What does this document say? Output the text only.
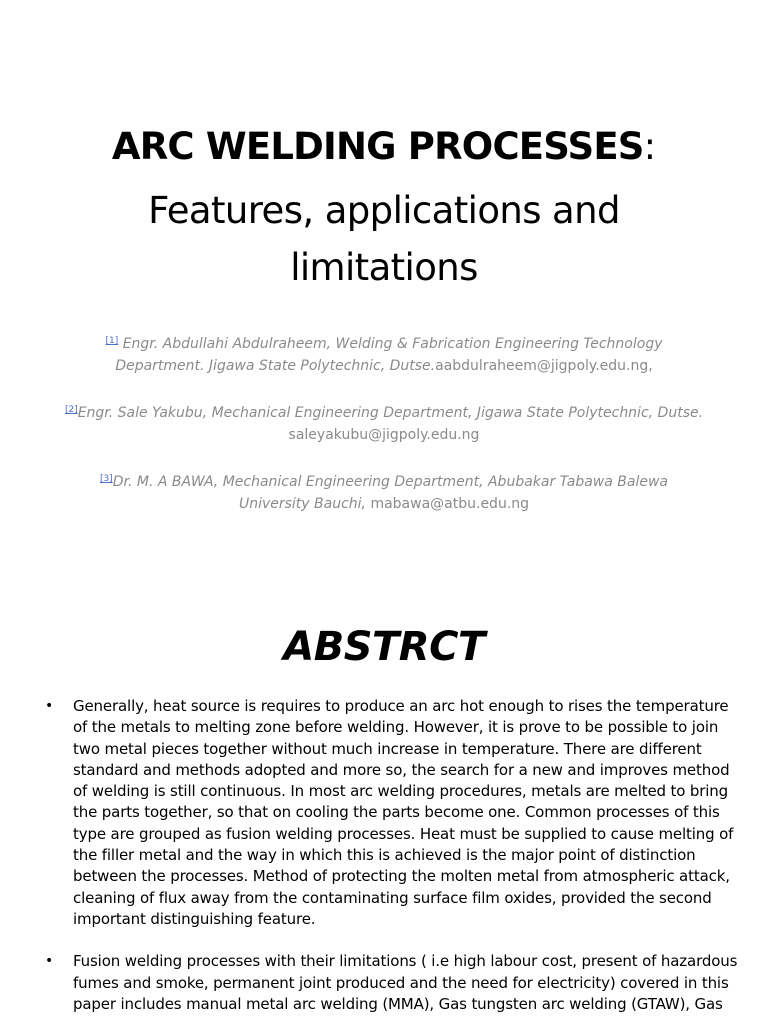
ARC WELDING PROCESSES:
Features, applications and limitations

[1] Engr. Abdullahi Abdulraheem, Welding & Fabrication Engineering Technology Department. Jigawa State Polytechnic, Dutse.aabdulraheem@jigpoly.edu.ng,

[2]Engr. Sale Yakubu, Mechanical Engineering Department, Jigawa State Polytechnic, Dutse.
saleyakubu@jigpoly.edu.ng

[3]Dr. M. A BAWA, Mechanical Engineering Department, Abubakar Tabawa Balewa University Bauchi, mabawa@atbu.edu.ng

ABSTRCT
• Generally, heat source is requires to produce an arc hot enough to rises the temperature of the metals to melting zone before welding. However, it is prove to be possible to join two metal pieces together without much increase in temperature. There are different standard and methods adopted and more so, the search for a new and improves method of welding is still continuous. In most arc welding procedures, metals are melted to bring the parts together, so that on cooling the parts become one. Common processes of this type are grouped as fusion welding processes. Heat must be supplied to cause melting of the filler metal and the way in which this is achieved is the major point of distinction between the processes. Method of protecting the molten metal from atmospheric attack, cleaning of flux away from the contaminating surface film oxides, provided the second important distinguishing feature.
• Fusion welding processes with their limitations ( i.e high labour cost, present of hazardous fumes and smoke, permanent joint produced and the need for electricity) covered in this paper includes manual metal arc welding (MMA), Gas tungsten arc welding (GTAW), Gas
